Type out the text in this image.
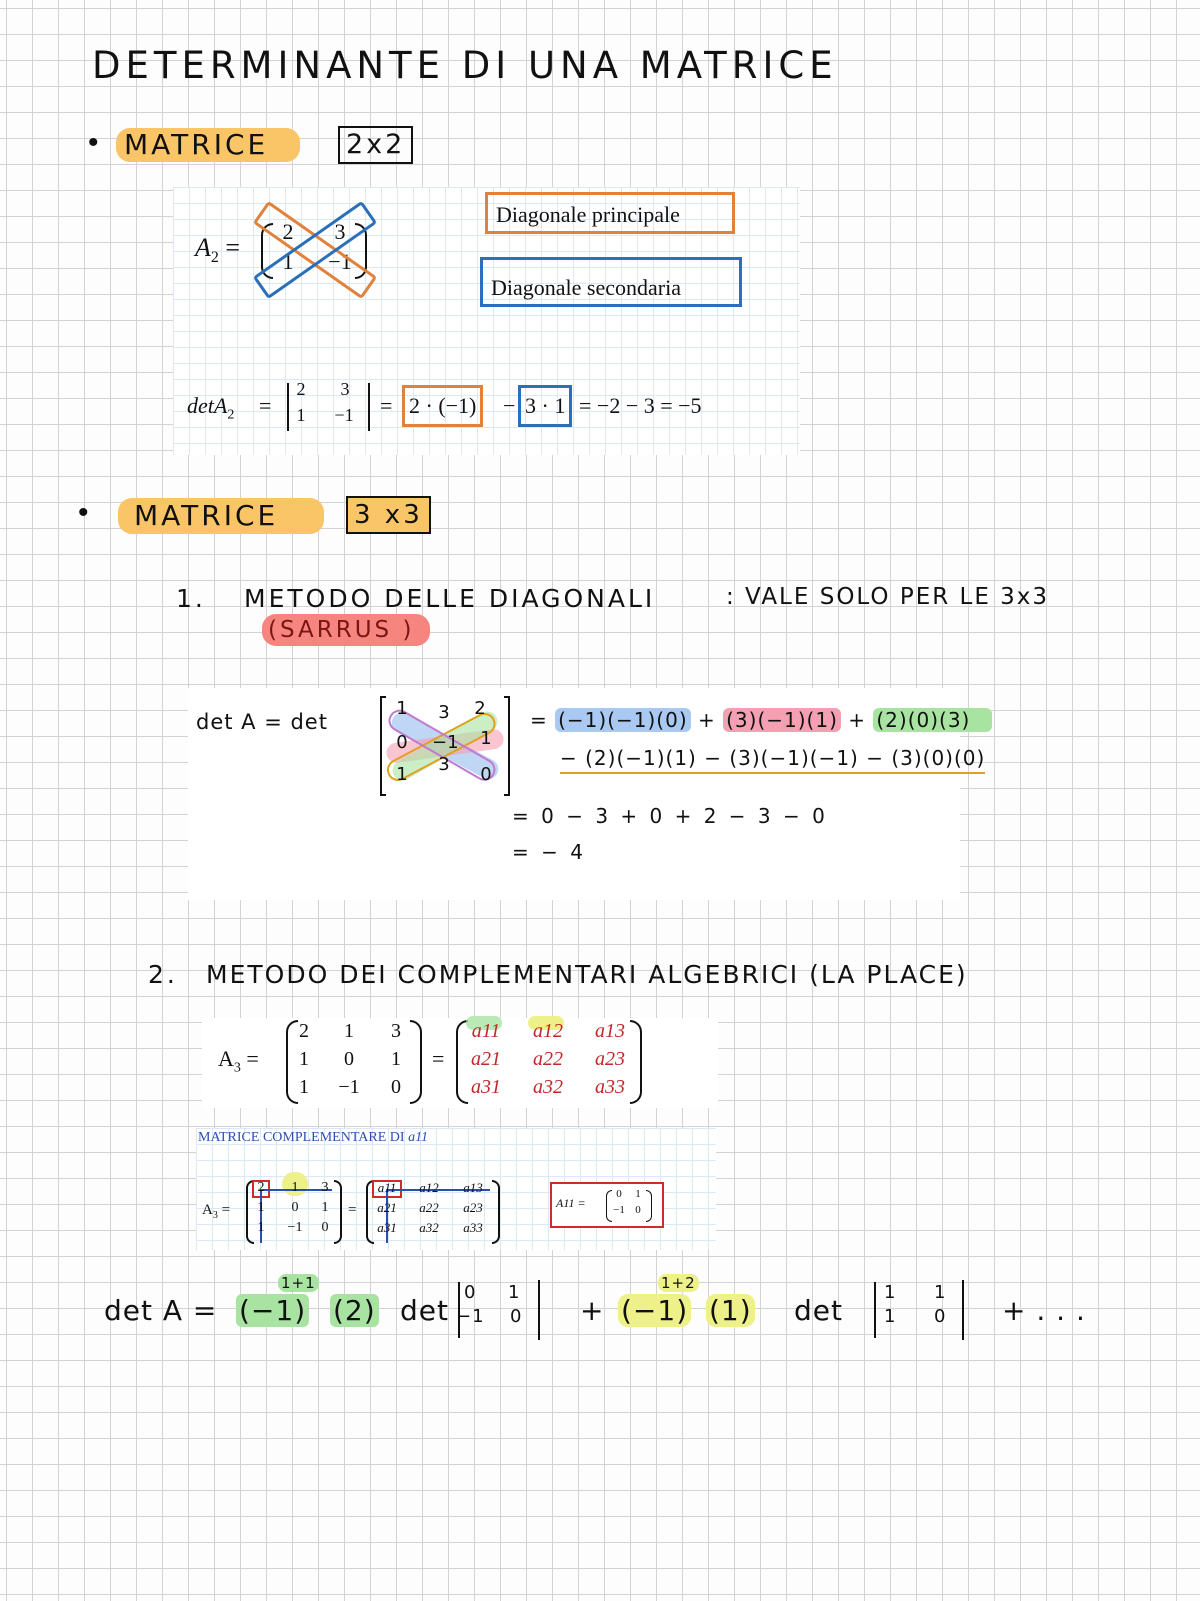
DETERMINANTE DI UNA MATRICE
• MATRICE	2x2
$A_2$ =
2	3
1	−1
Diagonale principale
Diagonale secondaria
detA$_2$ =
2	3
1	−1 = 2 · (−1)	− 3 · 1 = −2 − 3 = −5
•	MATRICE	3 x3
1. METODO DELLE DIAGONALI
(SARRUS )
: VALE SOLO PER LE 3x3
det A = det
1	3	2
0	−1	1
1	3	0
= (−1)(−1)(0) + (3)(−1)(1) + (2)(0)(3)
− (2)(−1)(1) − (3)(−1)(−1) − (3)(0)(0)
= 0 − 3 + 0 + 2 − 3 − 0
= − 4
2. METODO DEI COMPLEMENTARI ALGEBRICI (LA PLACE)
$A_3$ =
2	1	3
1	0	1
1	−1	0
=
a11	a12	a13
a21	a22	a23
a31	a32	a33
MATRICE COMPLEMENTARE DI a11
$A_3$ =
2	1	3
1	0	1
1	−1	0
=
a11	a12	a13
a21	a22	a23
a31	a32	a33
A11 =
0	1
−1 0
det A = (−1)
1+1
(2) det
0 1
−1 0 + (−1)
1+2
(1) det
1 1
1 0 + . . .
